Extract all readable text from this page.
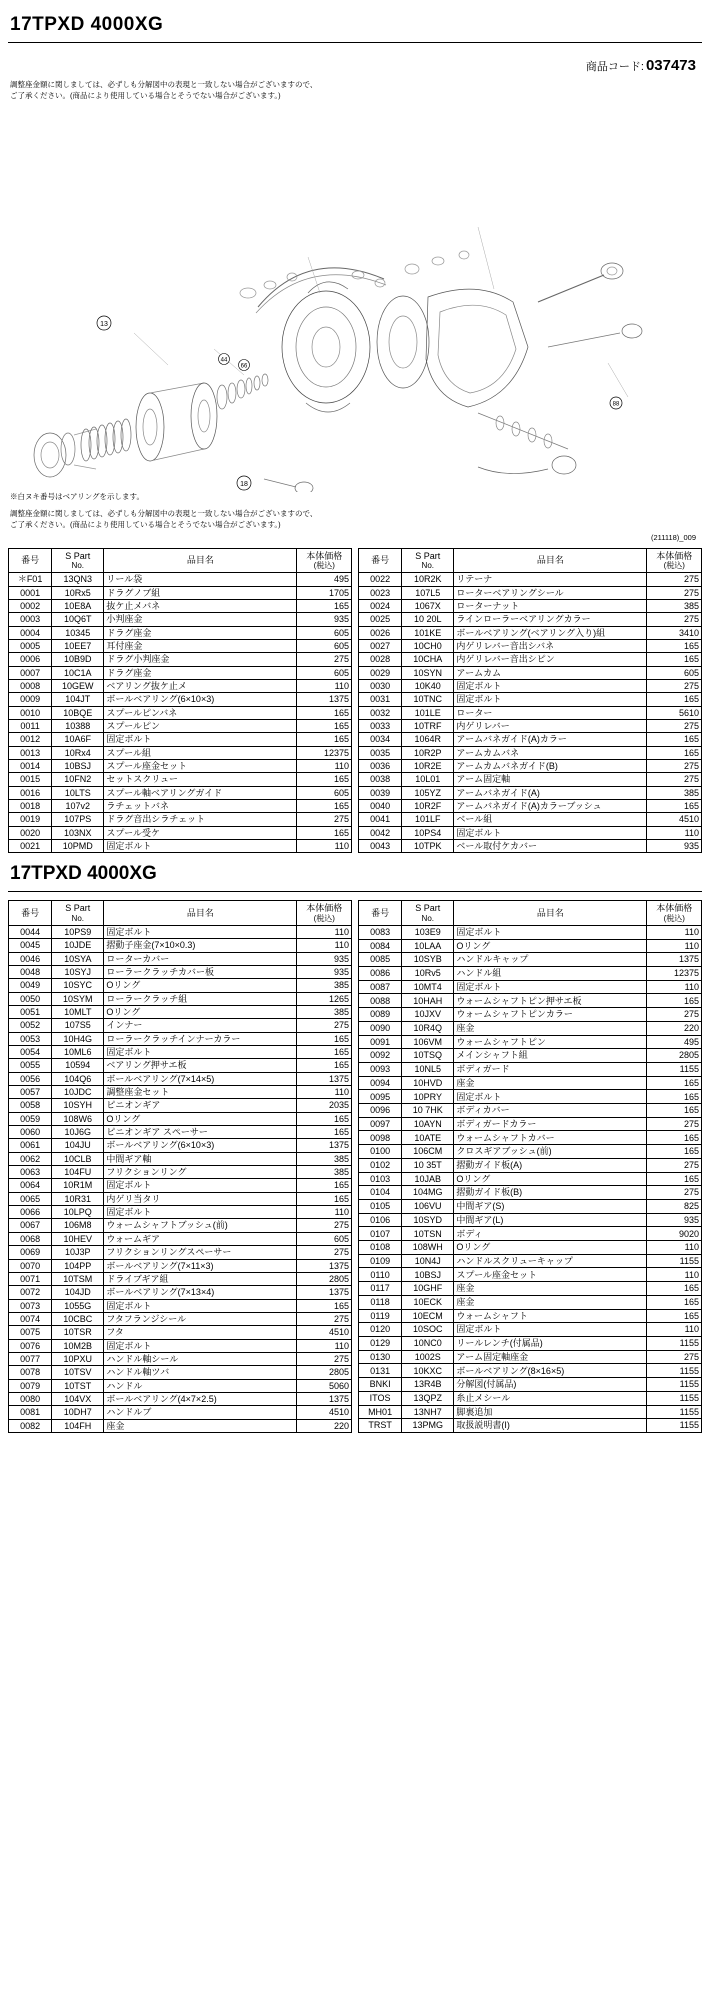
17TPXD 4000XG
商品コード: 037473
調整座金額に関しましては、必ずしも分解図中の表現と一致しない場合がございますので、
ご了承ください。(商品により使用している場合とそうでない場合がございます。)
13
18
44
66
88
※白ヌキ番号はベアリングを示します。
調整座金額に関しましては、必ずしも分解図中の表現と一致しない場合がございますので、
ご了承ください。(商品により使用している場合とそうでない場合がございます。)
(211118)_009
番号	S Part
No.	品目名	本体価格
(税込)

＊F01	13QN3	リール袋	495
0001	10Rx5	ドラグノブ組	1705
0002	10E8A	抜ケ止メバネ	165
0003	10Q6T	小判座金	935
0004	10345	ドラグ座金	605
0005	10EE7	耳付座金	605
0006	10B9D	ドラグ小判座金	275
0007	10C1A	ドラグ座金	605
0008	10GEW	ベアリング抜ケ止メ	110
0009	104JT	ボールベアリング(6×10×3)	1375
0010	10BQE	スプールピンバネ	165
0011	10388	スプールピン	165
0012	10A6F	固定ボルト	165
0013	10Rx4	スプール組	12375
0014	10BSJ	スプール座金セット	110
0015	10FN2	セットスクリュー	165
0016	10LTS	スプール軸ベアリングガイド	605
0018	107v2	ラチェットバネ	165
0019	107PS	ドラグ音出シラチェット	275
0020	103NX	スプール受ケ	165
0021	10PMD	固定ボルト	110
番号	S Part
No.	品目名	本体価格
(税込)

0022	10R2K	リテーナ	275
0023	107L5	ローターベアリングシール	275
0024	1067X	ローターナット	385
0025	10 20L	ラインローラーベアリングカラー	275
0026	101KE	ボールベアリング(ベアリング入り)組	3410
0027	10CH0	内ゲリレバー音出シバネ	165
0028	10CHA	内ゲリレバー音出シピン	165
0029	10SYN	アームカム	605
0030	10K40	固定ボルト	275
0031	10TNC	固定ボルト	165
0032	101LE	ローター	5610
0033	10TRF	内ゲリレバー	275
0034	1064R	アームバネガイド(A)カラー	165
0035	10R2P	アームカムバネ	165
0036	10R2E	アームカムバネガイド(B)	275
0038	10L01	アーム固定軸	275
0039	105YZ	アームバネガイド(A)	385
0040	10R2F	アームバネガイド(A)カラーブッシュ	165
0041	101LF	ベール組	4510
0042	10PS4	固定ボルト	110
0043	10TPK	ベール取付ケカバー	935
17TPXD 4000XG
番号	S Part
No.	品目名	本体価格
(税込)

0044	10PS9	固定ボルト	110
0045	10JDE	摺動子座金(7×10×0.3)	110
0046	10SYA	ローターカバー	935
0048	10SYJ	ローラークラッチカバー板	935
0049	10SYC	Oリング	385
0050	10SYM	ローラークラッチ組	1265
0051	10MLT	Oリング	385
0052	107S5	インナー	275
0053	10H4G	ローラークラッチインナーカラー	165
0054	10ML6	固定ボルト	165
0055	10594	ベアリング押サエ板	165
0056	104Q6	ボールベアリング(7×14×5)	1375
0057	10JDC	調整座金セット	110
0058	10SYH	ピニオンギア	2035
0059	108W6	Oリング	165
0060	10J6G	ピニオンギア スペーサー	165
0061	104JU	ボールベアリング(6×10×3)	1375
0062	10CLB	中間ギア軸	385
0063	104FU	フリクションリング	385
0064	10R1M	固定ボルト	165
0065	10R31	内ゲリ当タリ	165
0066	10LPQ	固定ボルト	110
0067	106M8	ウォームシャフトブッシュ(前)	275
0068	10HEV	ウォームギア	605
0069	10J3P	フリクションリングスペーサー	275
0070	104PP	ボールベアリング(7×11×3)	1375
0071	10TSM	ドライブギア組	2805
0072	104JD	ボールベアリング(7×13×4)	1375
0073	1055G	固定ボルト	165
0074	10CBC	フタフランジシール	275
0075	10TSR	フタ	4510
0076	10M2B	固定ボルト	110
0077	10PXU	ハンドル軸シール	275
0078	10TSV	ハンドル軸ツバ	2805
0079	10TST	ハンドル	5060
0080	104VX	ボールベアリング(4×7×2.5)	1375
0081	10DH7	ハンドルブ	4510
0082	104FH	座金	220
番号	S Part
No.	品目名	本体価格
(税込)

0083	103E9	固定ボルト	110
0084	10LAA	Oリング	110
0085	10SYB	ハンドルキャップ	1375
0086	10Rv5	ハンドル組	12375
0087	10MT4	固定ボルト	110
0088	10HAH	ウォームシャフトピン押サエ板	165
0089	10JXV	ウォームシャフトピンカラー	275
0090	10R4Q	座金	220
0091	106VM	ウォームシャフトピン	495
0092	10TSQ	メインシャフト組	2805
0093	10NL5	ボディガード	1155
0094	10HVD	座金	165
0095	10PRY	固定ボルト	165
0096	10 7HK	ボディカバー	165
0097	10AYN	ボディガードカラー	275
0098	10ATE	ウォームシャフトカバー	165
0100	106CM	クロスギアブッシュ(前)	165
0102	10 35T	摺動ガイド板(A)	275
0103	10JAB	Oリング	165
0104	104MG	摺動ガイド板(B)	275
0105	106VU	中間ギア(S)	825
0106	10SYD	中間ギア(L)	935
0107	10TSN	ボディ	9020
0108	108WH	Oリング	110
0109	10N4J	ハンドルスクリューキャップ	1155
0110	10BSJ	スプール座金セット	110
0117	10GHF	座金	165
0118	10ECK	座金	165
0119	10ECM	ウォームシャフト	165
0120	10SOC	固定ボルト	110
0129	10NC0	リールレンチ(付属品)	1155
0130	1002S	アーム固定軸座金	275
0131	10KXC	ボールベアリング(8×16×5)	1155
BNKI	13R4B	分解図(付属品)	1155
ITOS	13QPZ	糸止メシール	1155
MH01	13NH7	脚裏追加	1155
TRST	13PMG	取扱説明書(I)	1155
